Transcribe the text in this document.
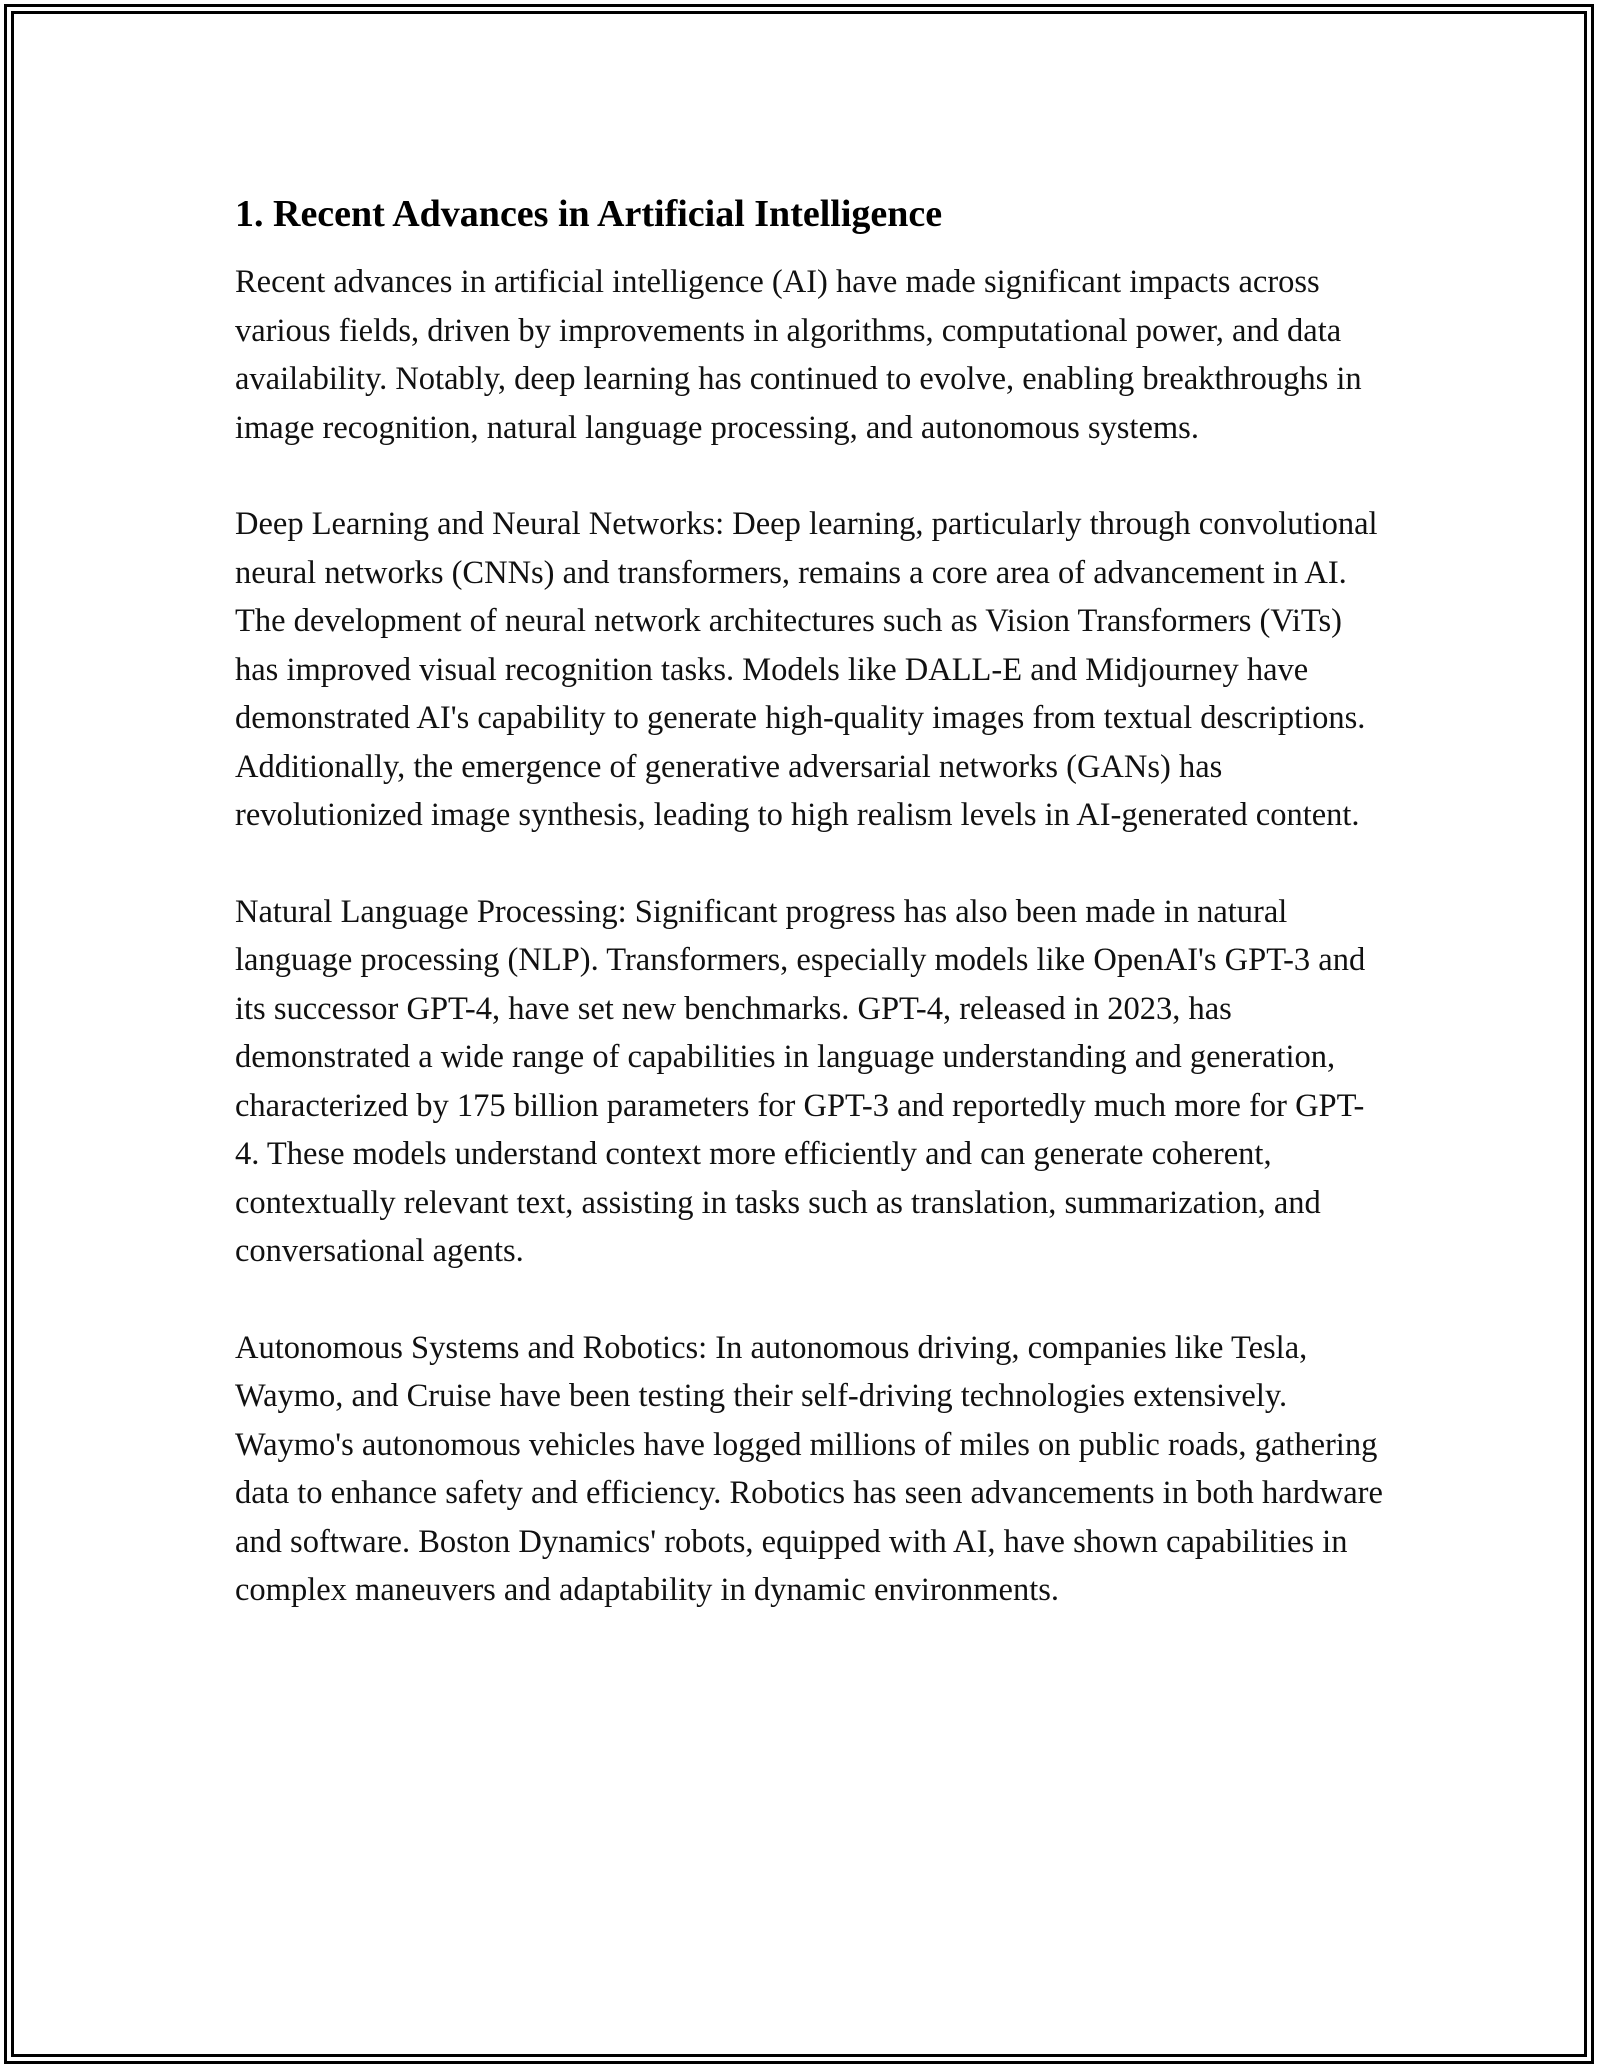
1. Recent Advances in Artificial Intelligence

Recent advances in artificial intelligence (AI) have made significant impacts across various fields, driven by improvements in algorithms, computational power, and data availability. Notably, deep learning has continued to evolve, enabling breakthroughs in image recognition, natural language processing, and autonomous systems.

Deep Learning and Neural Networks: Deep learning, particularly through convolutional neural networks (CNNs) and transformers, remains a core area of advancement in AI. The development of neural network architectures such as Vision Transformers (ViTs) has improved visual recognition tasks. Models like DALL-E and Midjourney have demonstrated AI's capability to generate high-quality images from textual descriptions. Additionally, the emergence of generative adversarial networks (GANs) has revolutionized image synthesis, leading to high realism levels in AI-generated content.

Natural Language Processing: Significant progress has also been made in natural language processing (NLP). Transformers, especially models like OpenAI's GPT-3 and its successor GPT-4, have set new benchmarks. GPT-4, released in 2023, has demonstrated a wide range of capabilities in language understanding and generation, characterized by 175 billion parameters for GPT-3 and reportedly much more for GPT-4. These models understand context more efficiently and can generate coherent, contextually relevant text, assisting in tasks such as translation, summarization, and conversational agents.

Autonomous Systems and Robotics: In autonomous driving, companies like Tesla, Waymo, and Cruise have been testing their self-driving technologies extensively. Waymo's autonomous vehicles have logged millions of miles on public roads, gathering data to enhance safety and efficiency. Robotics has seen advancements in both hardware and software. Boston Dynamics' robots, equipped with AI, have shown capabilities in complex maneuvers and adaptability in dynamic environments.
